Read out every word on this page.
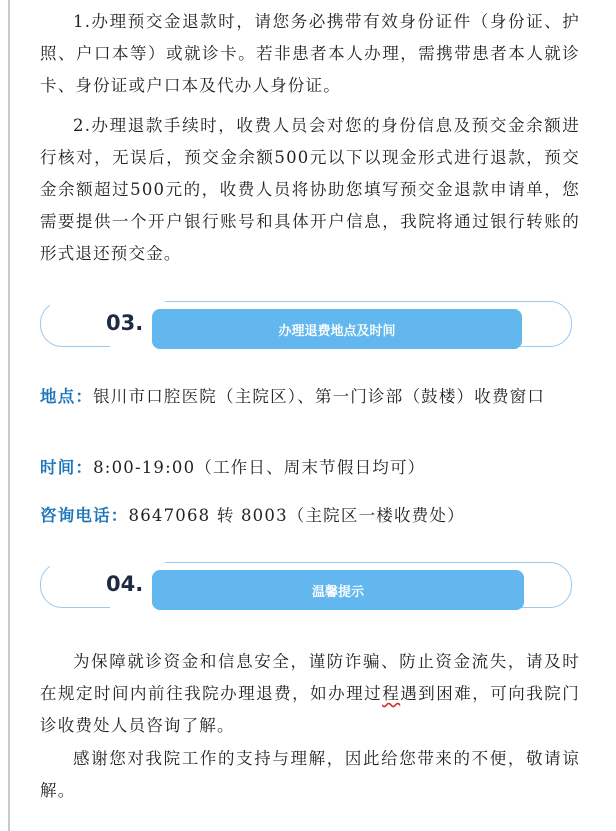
1.办理预交金退款时，请您务必携带有效身份证件（身份证、护照、户口本等）或就诊卡。若非患者本人办理，需携带患者本人就诊卡、身份证或户口本及代办人身份证。

2.办理退款手续时，收费人员会对您的身份信息及预交金余额进行核对，无误后，预交金余额500元以下以现金形式进行退款，预交金余额超过500元的，收费人员将协助您填写预交金退款申请单，您需要提供一个开户银行账号和具体开户信息，我院将通过银行转账的形式退还预交金。

03.	办理退费地点及时间

地点：银川市口腔医院（主院区）、第一门诊部（鼓楼）收费窗口

时间：8:00-19:00（工作日、周末节假日均可）

咨询电话：8647068 转 8003（主院区一楼收费处）

04.	温馨提示

为保障就诊资金和信息安全，谨防诈骗、防止资金流失，请及时在规定时间内前往我院办理退费，如办理过程遇到困难，可向我院门诊收费处人员咨询了解。

感谢您对我院工作的支持与理解，因此给您带来的不便，敬请谅解。
